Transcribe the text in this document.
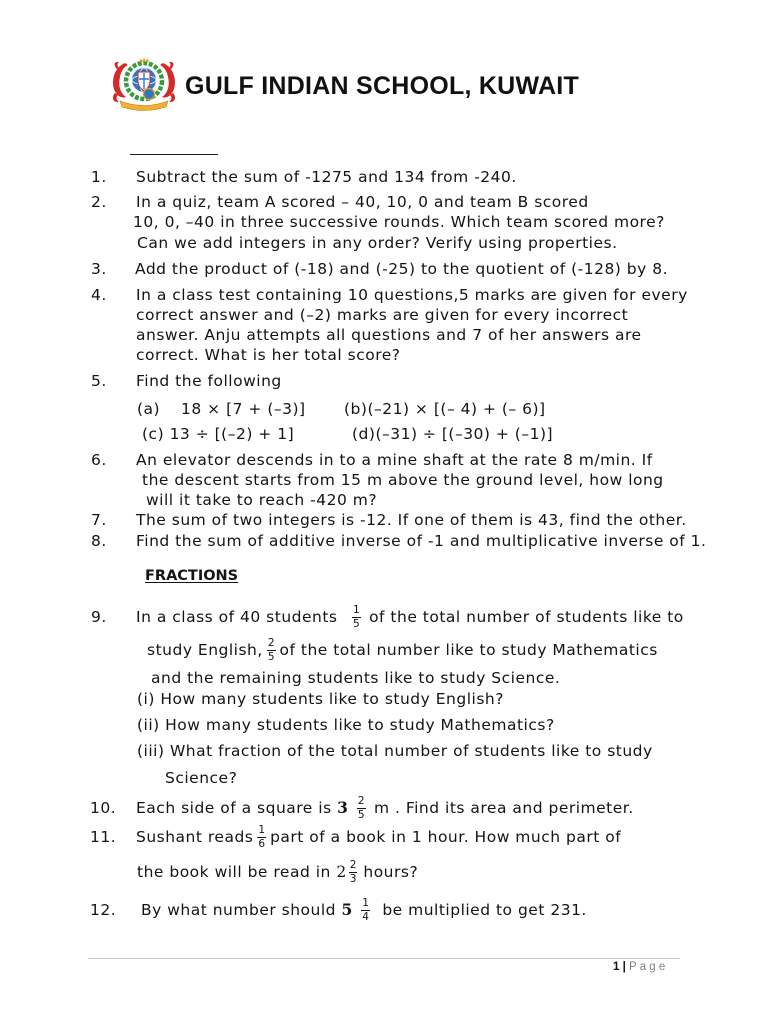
GULF INDIAN SCHOOL, KUWAIT
1. Subtract the sum of -1275 and 134 from -240.
2. In a quiz, team A scored – 40, 10, 0 and team B scored
10, 0, –40 in three successive rounds. Which team scored more?
Can we add integers in any order? Verify using properties.
3. Add the product of (-18) and (-25) to the quotient of (-128) by 8.
4. In a class test containing 10 questions,5 marks are given for every
correct answer and (–2) marks are given for every incorrect
answer. Anju attempts all questions and 7 of her answers are
correct. What is her total score?
5. Find the following
(a) 18 × [7 + (–3)] (b)(–21) × [(– 4) + (– 6)]
(c) 13 ÷ [(–2) + 1]	(d)(–31) ÷ [(–30) + (–1)]
6. An elevator descends in to a mine shaft at the rate 8 m/min. If
the descent starts from 15 m above the ground level, how long
will it take to reach -420 m?
7. The sum of two integers is -12. If one of them is 43, find the other.
8. Find the sum of additive inverse of -1 and multiplicative inverse of 1.
FRACTIONS
9. In a class of 40 students $\frac{1}{5}$ of the total number of students like to
study English, $\frac{2}{5}$ of the total number like to study Mathematics
and the remaining students like to study Science.
(i) How many students like to study English?
(ii) How many students like to study Mathematics?
(iii) What fraction of the total number of students like to study
Science?
10. Each side of a square is $3 \frac{2}{5}$ m . Find its area and perimeter.
11. Sushant reads $\frac{1}{6}$ part of a book in 1 hour. How much part of
the book will be read in $2 \frac{2}{3}$ hours?
12. By what number should $5 \frac{1}{4}$ be multiplied to get 231.
1 | P a g e
